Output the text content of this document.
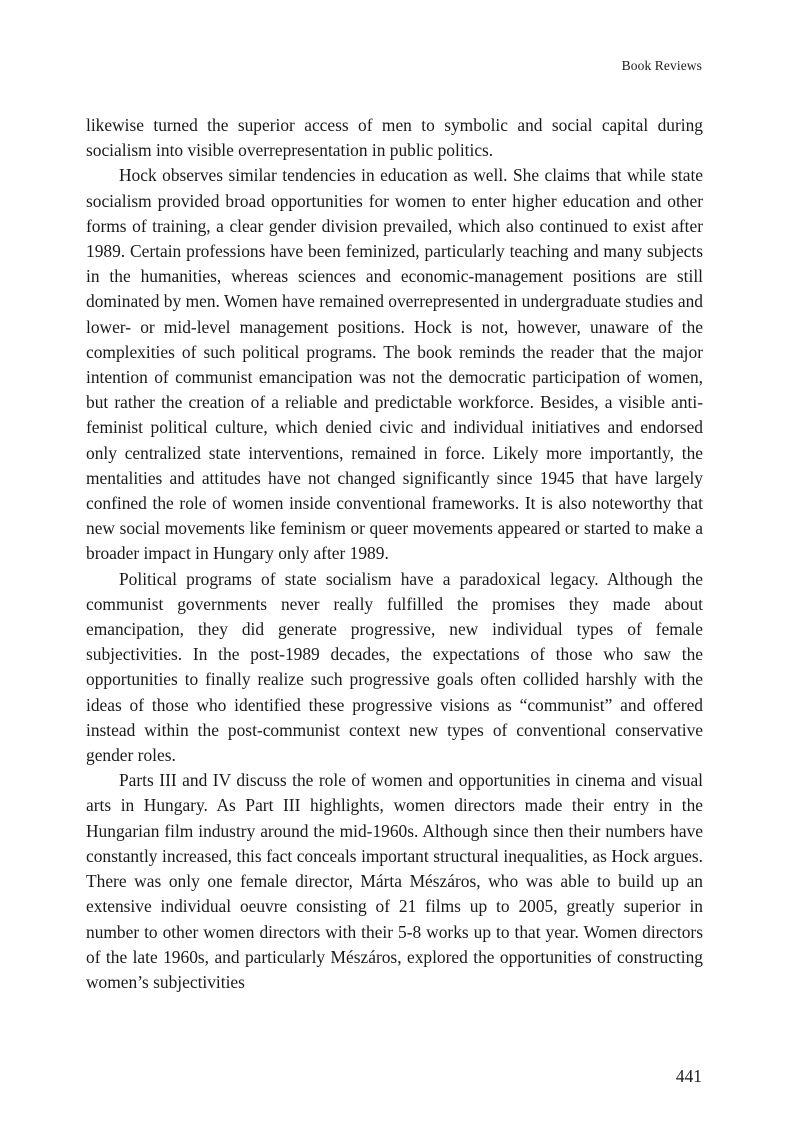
Book Reviews

likewise turned the superior access of men to symbolic and social capital during socialism into visible overrepresentation in public politics.

Hock observes similar tendencies in education as well. She claims that while state socialism provided broad opportunities for women to enter higher education and other forms of training, a clear gender division prevailed, which also continued to exist after 1989. Certain professions have been feminized, particularly teaching and many subjects in the humanities, whereas sciences and economic-management positions are still dominated by men. Women have remained overrepresented in undergraduate studies and lower- or mid-level management positions. Hock is not, however, unaware of the complexities of such political programs. The book reminds the reader that the major intention of communist emancipation was not the democratic participation of women, but rather the creation of a reliable and predictable workforce. Besides, a visible anti-feminist political culture, which denied civic and individual initiatives and endorsed only centralized state interventions, remained in force. Likely more importantly, the mentalities and attitudes have not changed significantly since 1945 that have largely confined the role of women inside conventional frameworks. It is also noteworthy that new social movements like feminism or queer movements appeared or started to make a broader impact in Hungary only after 1989.

Political programs of state socialism have a paradoxical legacy. Although the communist governments never really fulfilled the promises they made about emancipation, they did generate progressive, new individual types of female subjectivities. In the post-1989 decades, the expectations of those who saw the opportunities to finally realize such progressive goals often collided harshly with the ideas of those who identified these progressive visions as “communist” and offered instead within the post-communist context new types of conventional conservative gender roles.

Parts III and IV discuss the role of women and opportunities in cinema and visual arts in Hungary. As Part III highlights, women directors made their entry in the Hungarian film industry around the mid-1960s. Although since then their numbers have constantly increased, this fact conceals important structural inequalities, as Hock argues. There was only one female director, Márta Mészáros, who was able to build up an extensive individual oeuvre consisting of 21 films up to 2005, greatly superior in number to other women directors with their 5-8 works up to that year. Women directors of the late 1960s, and particularly Mészáros, explored the opportunities of constructing women’s subjectivities

441
